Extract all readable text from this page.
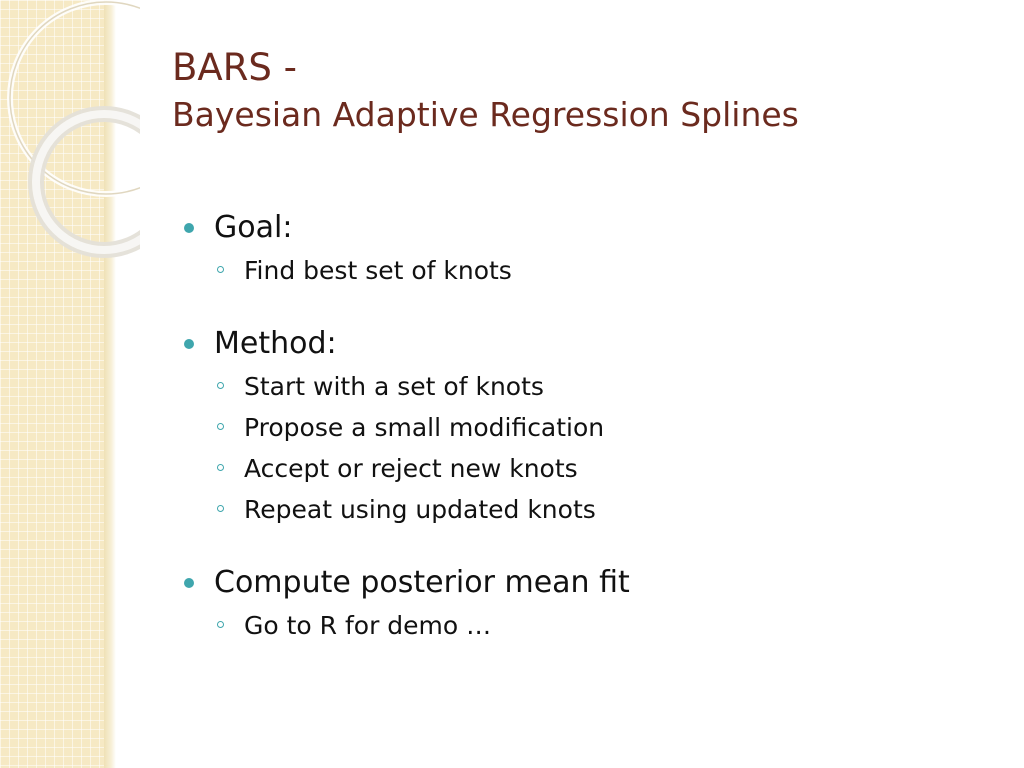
BARS -
Bayesian Adaptive Regression Splines
Goal:
Find best set of knots
Method:
Start with a set of knots
Propose a small modification
Accept or reject new knots
Repeat using updated knots
Compute posterior mean fit
Go to R for demo …
